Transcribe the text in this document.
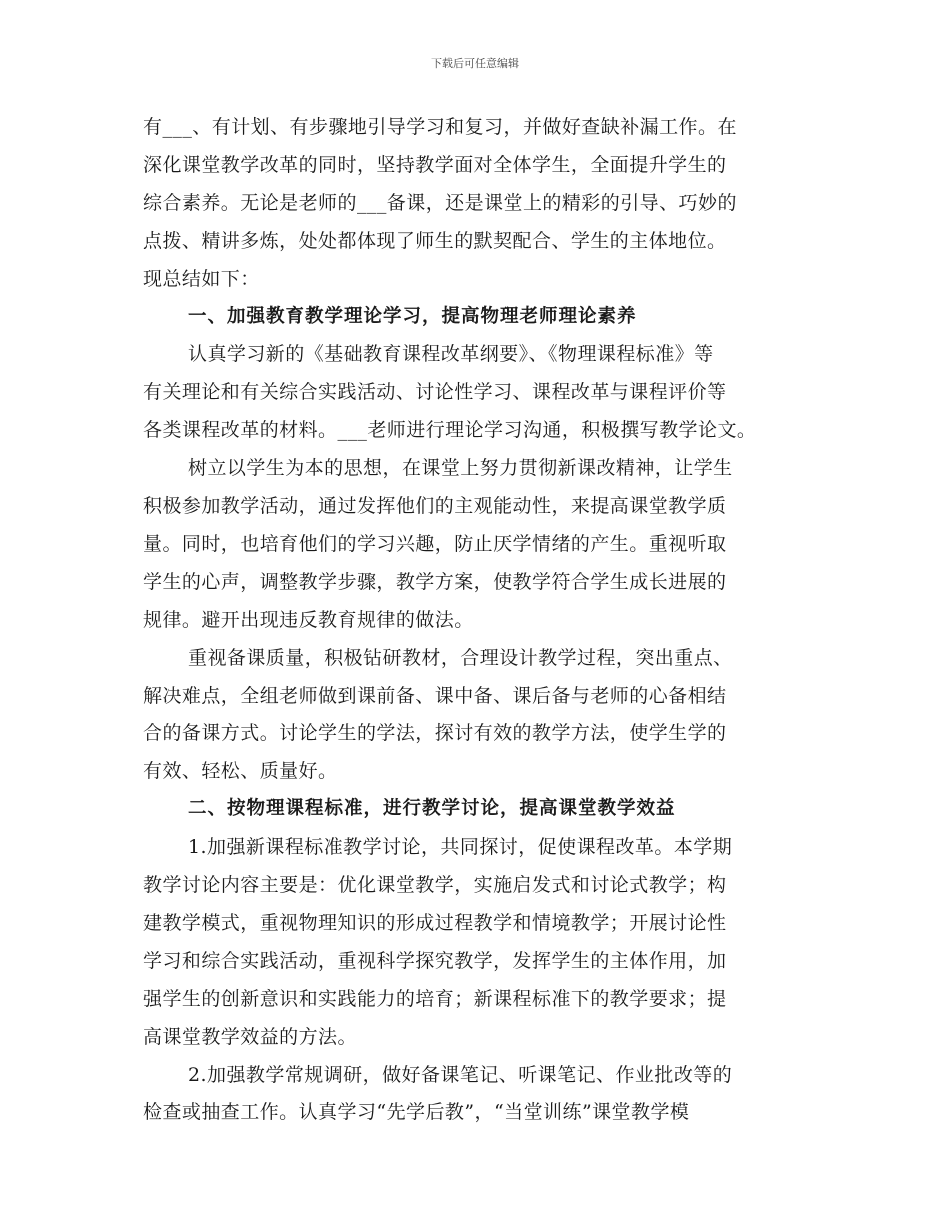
下载后可任意编辑
有___、有计划、有步骤地引导学习和复习，并做好查缺补漏工作。在
深化课堂教学改革的同时，坚持教学面对全体学生，全面提升学生的
综合素养。无论是老师的___备课，还是课堂上的精彩的引导、巧妙的
点拨、精讲多炼，处处都体现了师生的默契配合、学生的主体地位。
现总结如下：
一、加强教育教学理论学习，提高物理老师理论素养
认真学习新的《基础教育课程改革纲要》、《物理课程标准》等
有关理论和有关综合实践活动、讨论性学习、课程改革与课程评价等
各类课程改革的材料。___老师进行理论学习沟通，积极撰写教学论文。
树立以学生为本的思想，在课堂上努力贯彻新课改精神，让学生
积极参加教学活动，通过发挥他们的主观能动性，来提高课堂教学质
量。同时，也培育他们的学习兴趣，防止厌学情绪的产生。重视听取
学生的心声，调整教学步骤，教学方案，使教学符合学生成长进展的
规律。避开出现违反教育规律的做法。
重视备课质量，积极钻研教材，合理设计教学过程，突出重点、
解决难点，全组老师做到课前备、课中备、课后备与老师的心备相结
合的备课方式。讨论学生的学法，探讨有效的教学方法，使学生学的
有效、轻松、质量好。
二、按物理课程标准，进行教学讨论，提高课堂教学效益
1.加强新课程标准教学讨论，共同探讨，促使课程改革。本学期
教学讨论内容主要是：优化课堂教学，实施启发式和讨论式教学；构
建教学模式，重视物理知识的形成过程教学和情境教学；开展讨论性
学习和综合实践活动，重视科学探究教学，发挥学生的主体作用，加
强学生的创新意识和实践能力的培育；新课程标准下的教学要求；提
高课堂教学效益的方法。
2.加强教学常规调研，做好备课笔记、听课笔记、作业批改等的
检查或抽查工作。认真学习“先学后教”，“当堂训练”课堂教学模
